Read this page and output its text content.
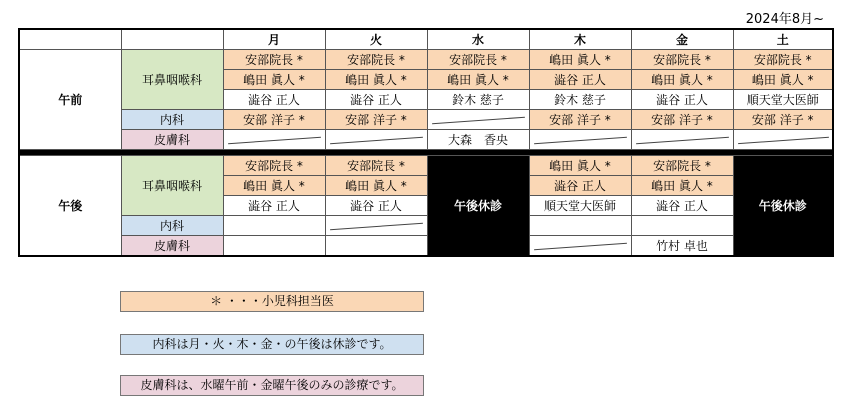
2024年8月~
		月	火	水	木	金	土
午前	耳鼻咽喉科	安部院長 *	安部院長 *	安部院長 *	嶋田 眞人 *	安部院長 *	安部院長 *
		嶋田 眞人 *	嶋田 眞人 *	嶋田 眞人 *	澁谷 正人	嶋田 眞人 *	嶋田 眞人 *
		澁谷 正人	澁谷 正人	鈴木 慈子	鈴木 慈子	澁谷 正人	順天堂大医師
	内科	安部 洋子 *	安部 洋子 *		安部 洋子 *	安部 洋子 *	安部 洋子 *
	皮膚科			大森　香央	

午後	耳鼻咽喉科	安部院長 *	安部院長 *	午後休診	嶋田 眞人 *	安部院長 *	午後休診
		嶋田 眞人 *	嶋田 眞人 *		澁谷 正人	嶋田 眞人 *	
		澁谷 正人	澁谷 正人		順天堂大医師	澁谷 正人	
	内科				

	皮膚科					竹村 卓也	
＊ ・・・小児科担当医
内科は月・火・木・金・の午後は休診です。
皮膚科は、水曜午前・金曜午後のみの診療です。
